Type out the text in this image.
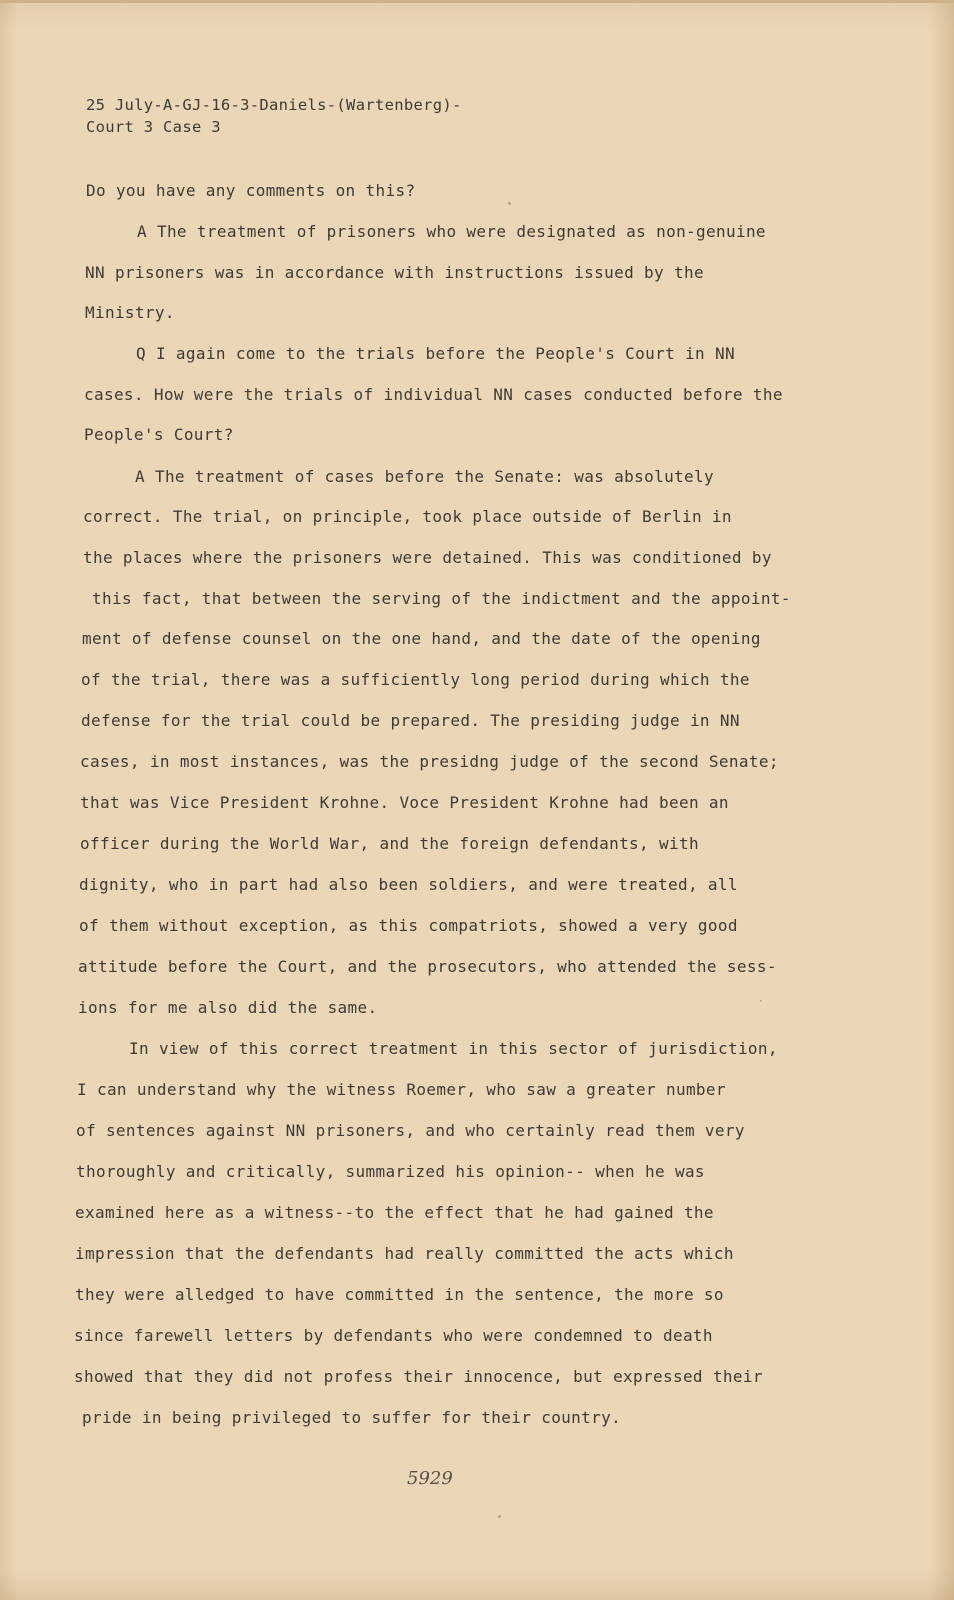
25 July-A-GJ-16-3-Daniels-(Wartenberg)-
Court 3 Case 3
Do you have any comments on this?
A The treatment of prisoners who were designated as non-genuine
NN prisoners was in accordance with instructions issued by the
Ministry.
Q I again come to the trials before the People's Court in NN
cases. How were the trials of individual NN cases conducted before the
People's Court?
A The treatment of cases before the Senate: was absolutely
correct. The trial, on principle, took place outside of Berlin in
the places where the prisoners were detained. This was conditioned by
this fact, that between the serving of the indictment and the appoint-
ment of defense counsel on the one hand, and the date of the opening
of the trial, there was a sufficiently long period during which the
defense for the trial could be prepared. The presiding judge in NN
cases, in most instances, was the presidng judge of the second Senate;
that was Vice President Krohne. Voce President Krohne had been an
officer during the World War, and the foreign defendants, with
dignity, who in part had also been soldiers, and were treated, all
of them without exception, as this compatriots, showed a very good
attitude before the Court, and the prosecutors, who attended the sess-
ions for me also did the same.
In view of this correct treatment in this sector of jurisdiction,
I can understand why the witness Roemer, who saw a greater number
of sentences against NN prisoners, and who certainly read them very
thoroughly and critically, summarized his opinion-- when he was
examined here as a witness--to the effect that he had gained the
impression that the defendants had really committed the acts which
they were alledged to have committed in the sentence, the more so
since farewell letters by defendants who were condemned to death
showed that they did not profess their innocence, but expressed their
pride in being privileged to suffer for their country.
5929
